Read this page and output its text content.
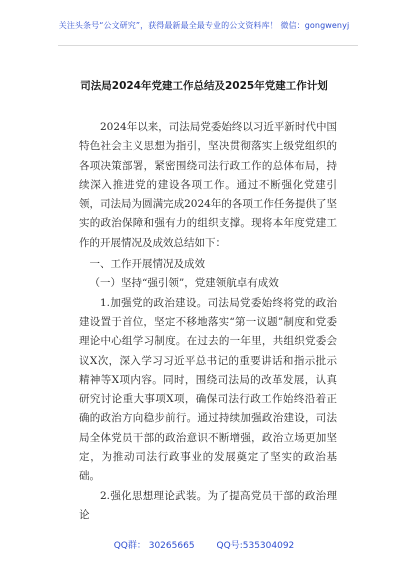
关注头条号“公文研究”，获得最新最全最专业的公文资料库！ 微信：gongwenyj
司法局2024年党建工作总结及2025年党建工作计划

2024年以来，司法局党委始终以习近平新时代中国特色社会主义思想为指引，坚决贯彻落实上级党组织的各项决策部署，紧密围绕司法行政工作的总体布局，持续深入推进党的建设各项工作。通过不断强化党建引领，司法局为圆满完成2024年的各项工作任务提供了坚实的政治保障和强有力的组织支撑。现将本年度党建工作的开展情况及成效总结如下：

一、工作开展情况及成效

（一）坚持“强引领”，党建领航卓有成效

1.加强党的政治建设。司法局党委始终将党的政治建设置于首位，坚定不移地落实“第一议题”制度和党委理论中心组学习制度。在过去的一年里，共组织党委会议X次，深入学习习近平总书记的重要讲话和指示批示精神等X项内容。同时，围绕司法局的改革发展，认真研究讨论重大事项X项，确保司法行政工作始终沿着正确的政治方向稳步前行。通过持续加强政治建设，司法局全体党员干部的政治意识不断增强，政治立场更加坚定，为推动司法行政事业的发展奠定了坚实的政治基础。

2.强化思想理论武装。为了提高党员干部的政治理论

QQ群： 30265665 QQ号:535304092
